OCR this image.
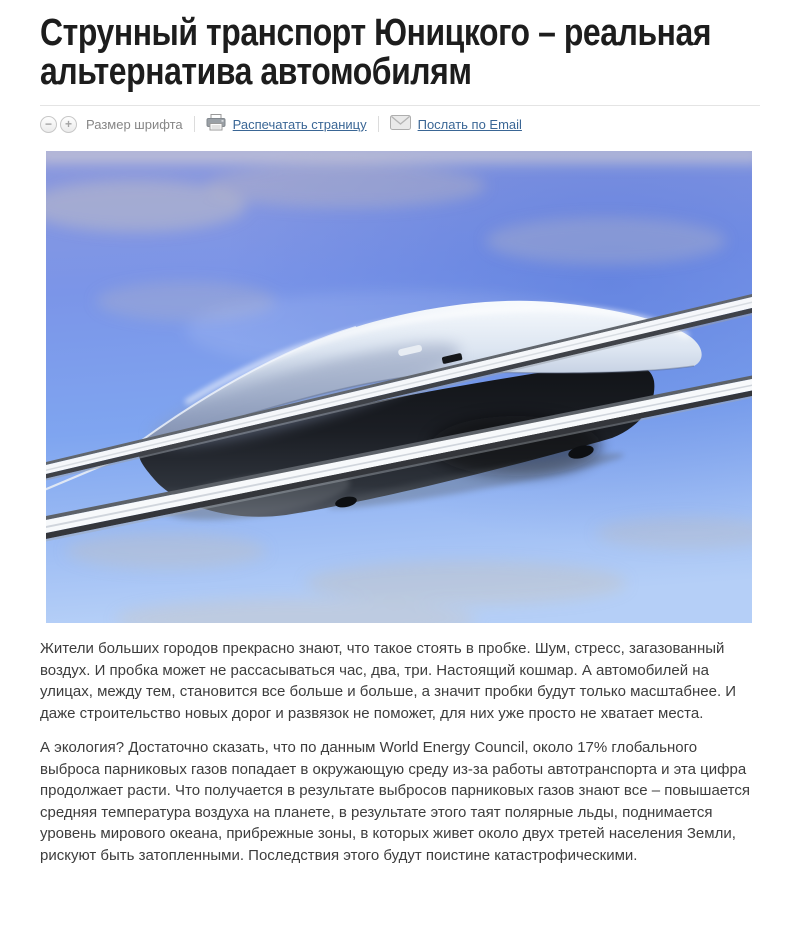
Струнный транспорт Юницкого – реальная
альтернатива автомобилям
−	+	Размер шрифта	Распечатать страницу	Послать по Email

Жители больших городов прекрасно знают, что такое стоять в пробке. Шум, стресс, загазованный воздух. И пробка может не рассасываться час, два, три. Настоящий кошмар. А автомобилей на улицах, между тем, становится все больше и больше, а значит пробки будут только масштабнее. И даже строительство новых дорог и развязок не поможет, для них уже просто не хватает места.

А экология? Достаточно сказать, что по данным World Energy Council, около 17% глобального выброса парниковых газов попадает в окружающую среду из-за работы автотранспорта и эта цифра продолжает расти. Что получается в результате выбросов парниковых газов знают все – повышается средняя температура воздуха на планете, в результате этого таят полярные льды, поднимается уровень мирового океана, прибрежные зоны, в которых живет около двух третей населения Земли, рискуют быть затопленными. Последствия этого будут поистине катастрофическими.
